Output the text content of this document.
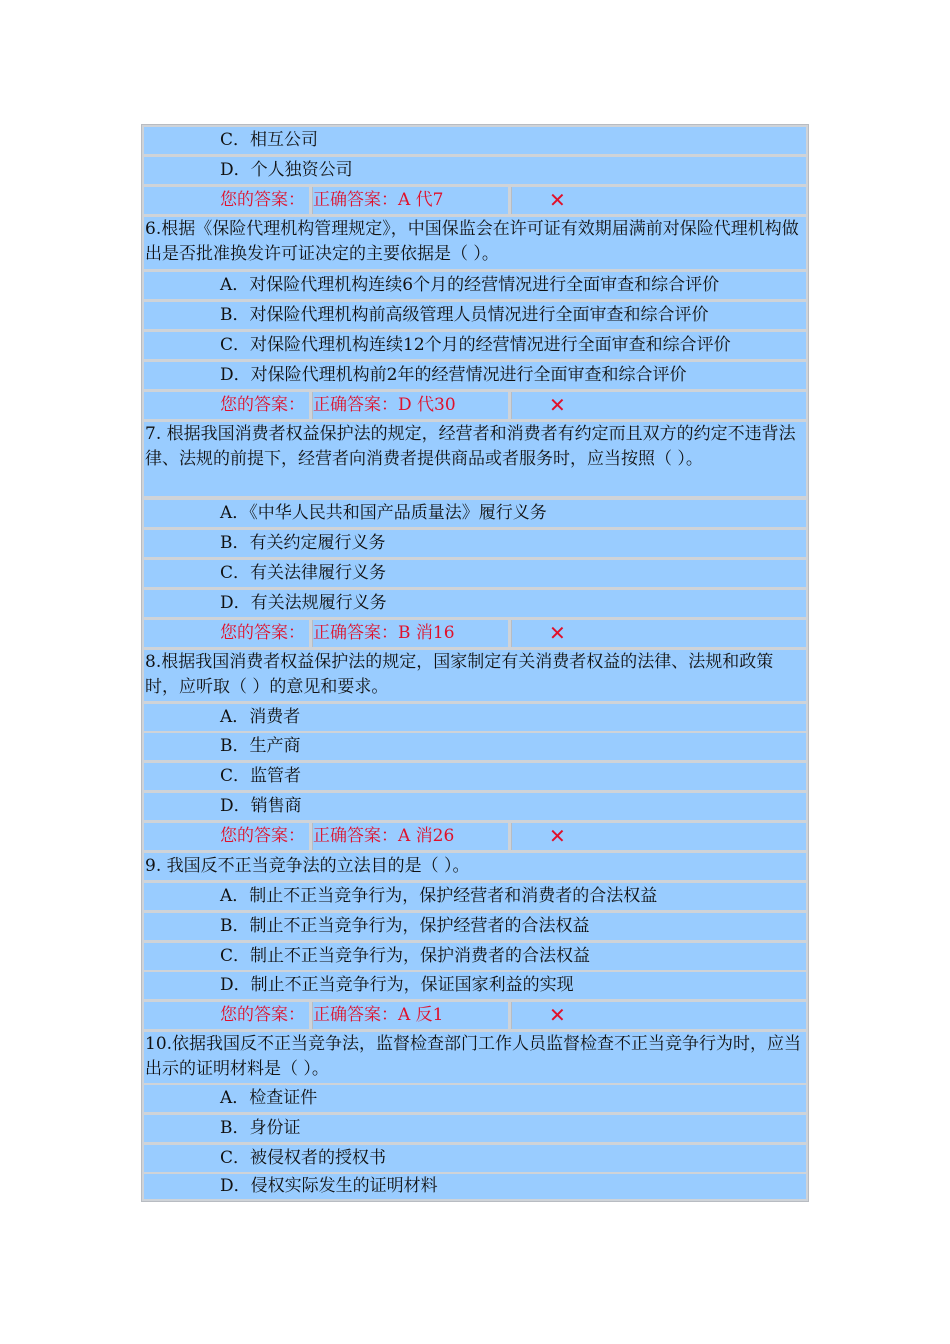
C．相互公司
D．个人独资公司
您的答案： 正确答案：A 代7	✕
6.根据《保险代理机构管理规定》，中国保监会在许可证有效期届满前对保险代理机构做出是否批准换发许可证决定的主要依据是（ ）。
A．对保险代理机构连续6个月的经营情况进行全面审查和综合评价
B．对保险代理机构前高级管理人员情况进行全面审查和综合评价
C．对保险代理机构连续12个月的经营情况进行全面审查和综合评价
D．对保险代理机构前2年的经营情况进行全面审查和综合评价
您的答案： 正确答案：D 代30	✕
7. 根据我国消费者权益保护法的规定，经营者和消费者有约定而且双方的约定不违背法律、法规的前提下，经营者向消费者提供商品或者服务时，应当按照（ ）。
A．《中华人民共和国产品质量法》履行义务
B．有关约定履行义务
C．有关法律履行义务
D．有关法规履行义务
您的答案： 正确答案：B 消16	✕
8.根据我国消费者权益保护法的规定，国家制定有关消费者权益的法律、法规和政策时，应听取（ ）的意见和要求。
A．消费者
B．生产商
C．监管者
D．销售商
您的答案： 正确答案：A 消26	✕
9. 我国反不正当竞争法的立法目的是（ ）。
A．制止不正当竞争行为，保护经营者和消费者的合法权益
B．制止不正当竞争行为，保护经营者的合法权益
C．制止不正当竞争行为，保护消费者的合法权益
D．制止不正当竞争行为，保证国家利益的实现
您的答案： 正确答案：A 反1	✕
10.依据我国反不正当竞争法，监督检查部门工作人员监督检查不正当竞争行为时，应当出示的证明材料是（ ）。
A．检查证件
B．身份证
C．被侵权者的授权书
D．侵权实际发生的证明材料
